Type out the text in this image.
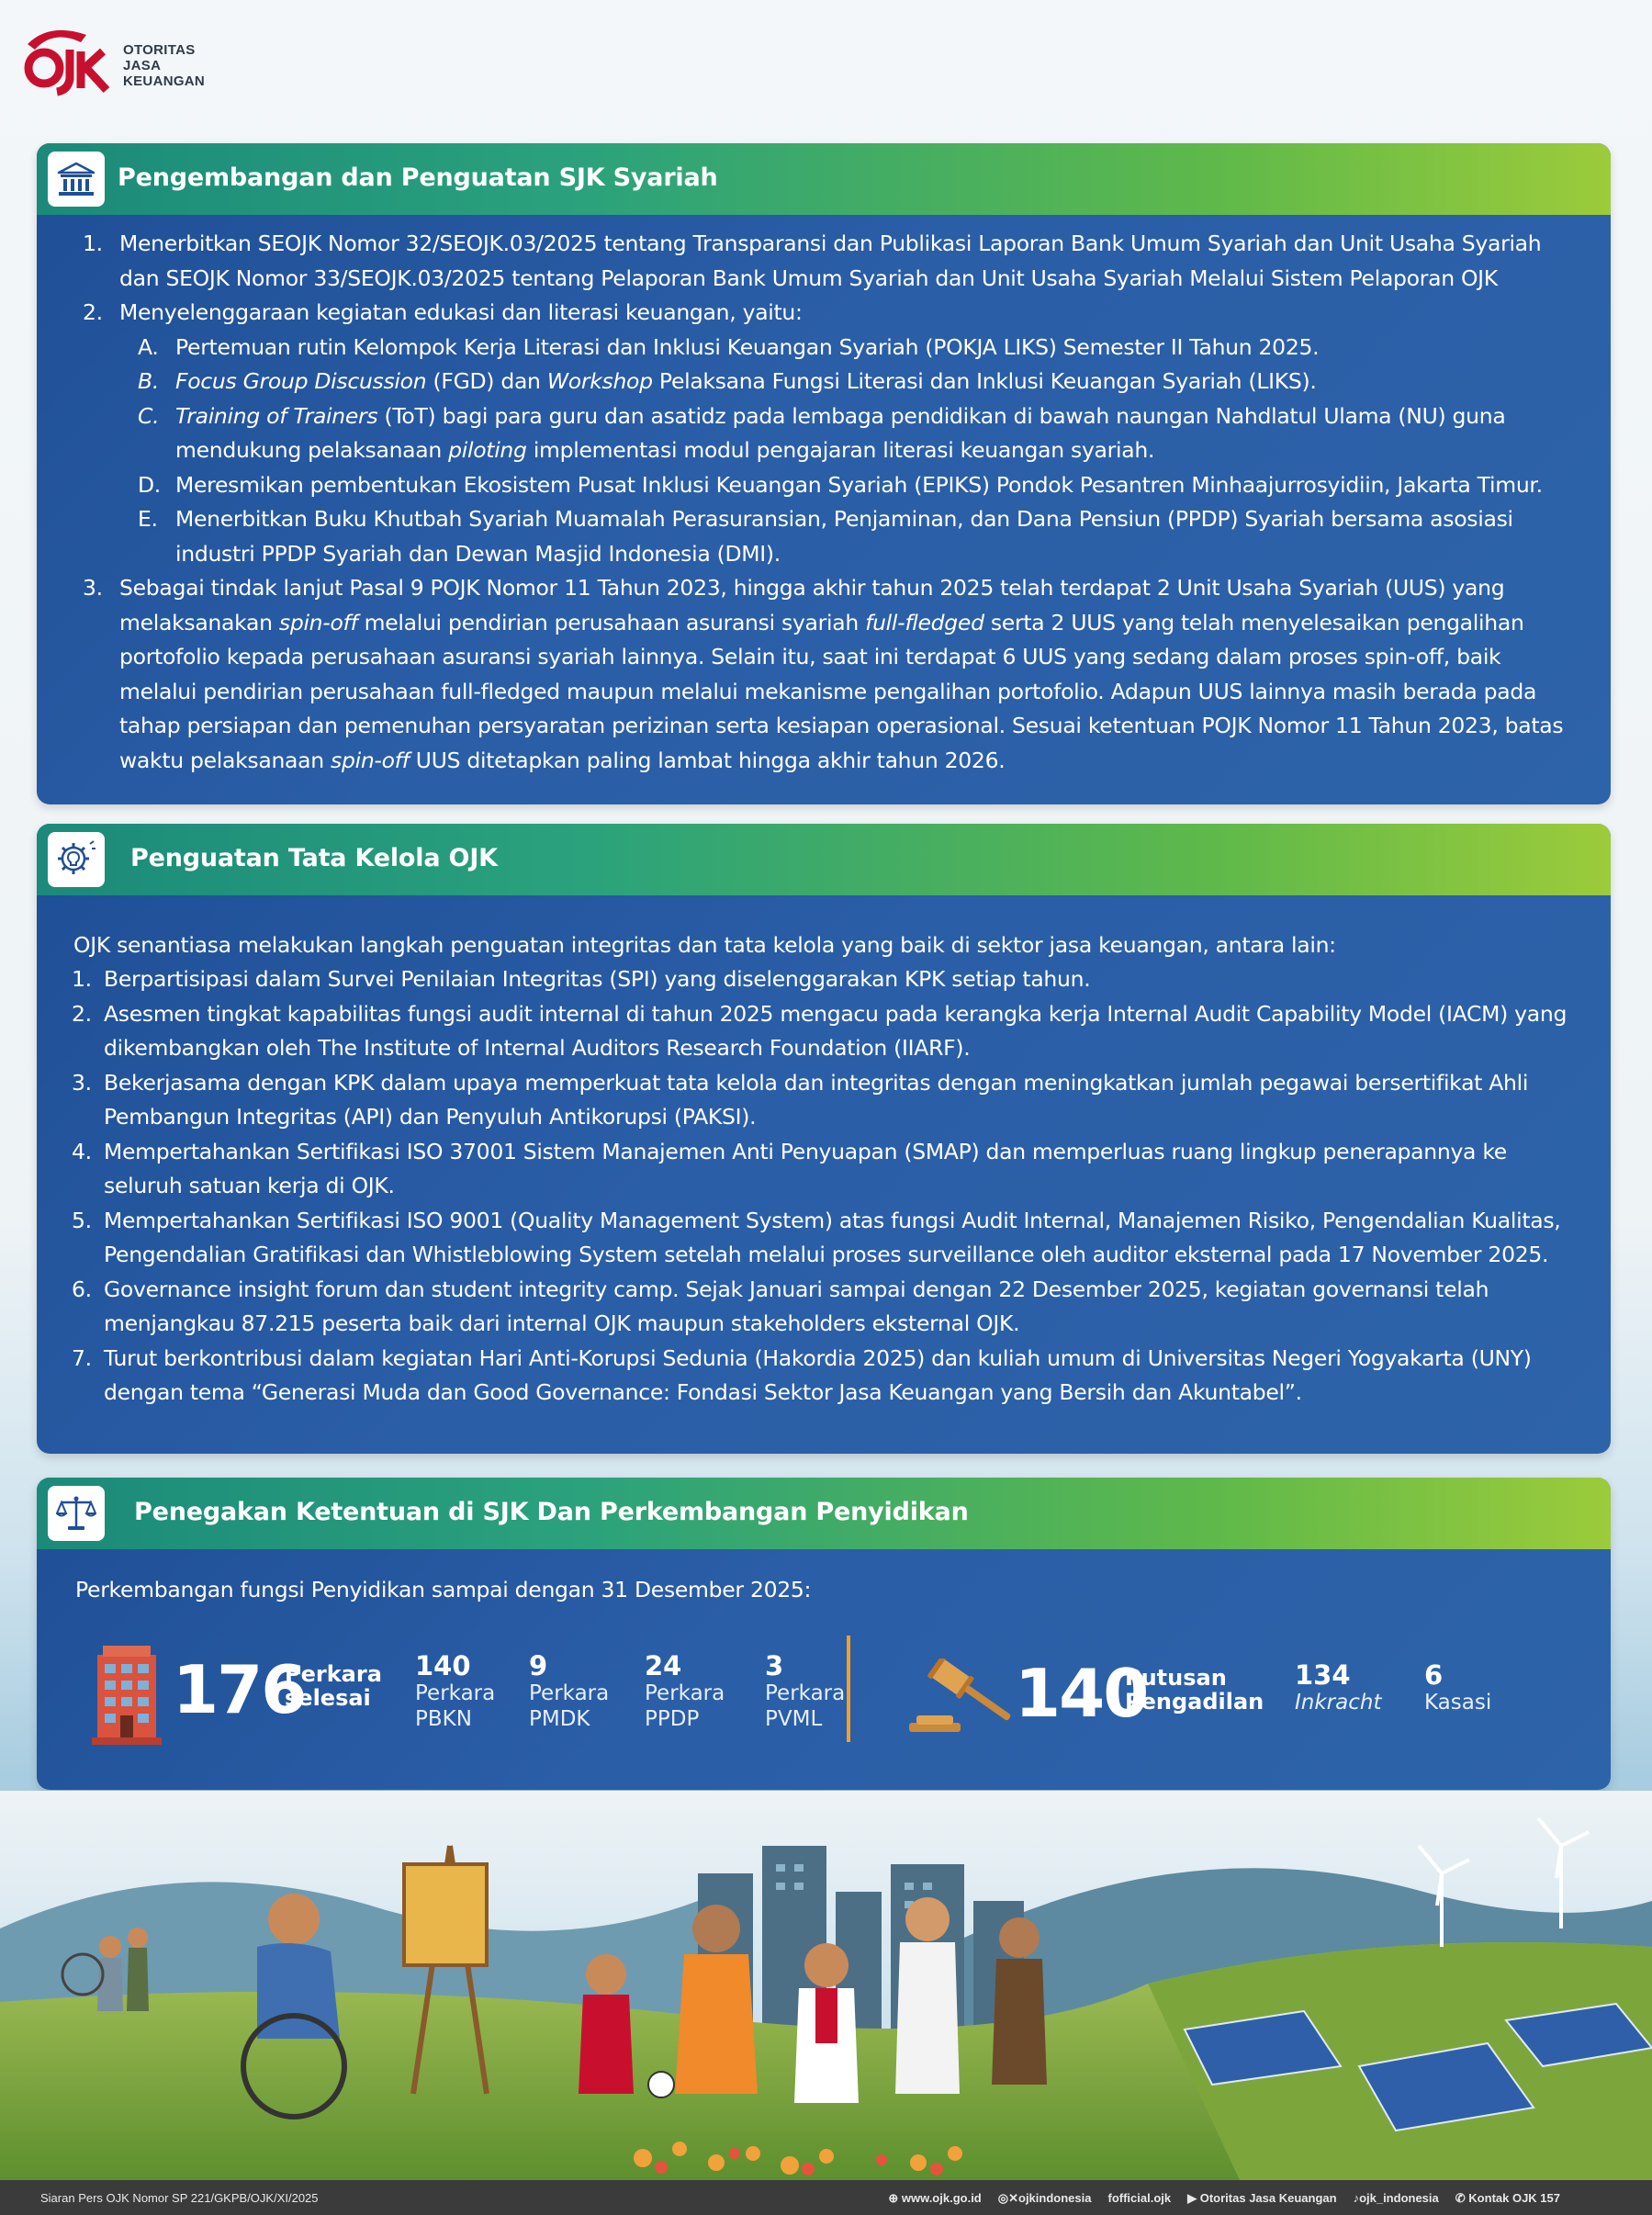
OTORITAS
JASA
KEUANGAN
Pengembangan dan Penguatan SJK Syariah
1. Menerbitkan SEOJK Nomor 32/SEOJK.03/2025 tentang Transparansi dan Publikasi Laporan Bank Umum Syariah dan Unit Usaha Syariah dan SEOJK Nomor 33/SEOJK.03/2025 tentang Pelaporan Bank Umum Syariah dan Unit Usaha Syariah Melalui Sistem Pelaporan OJK
2. Menyelenggaraan kegiatan edukasi dan literasi keuangan, yaitu:
A. Pertemuan rutin Kelompok Kerja Literasi dan Inklusi Keuangan Syariah (POKJA LIKS) Semester II Tahun 2025.
B. Focus Group Discussion (FGD) dan Workshop Pelaksana Fungsi Literasi dan Inklusi Keuangan Syariah (LIKS).
C. Training of Trainers (ToT) bagi para guru dan asatidz pada lembaga pendidikan di bawah naungan Nahdlatul Ulama (NU) guna mendukung pelaksanaan piloting implementasi modul pengajaran literasi keuangan syariah.
D. Meresmikan pembentukan Ekosistem Pusat Inklusi Keuangan Syariah (EPIKS) Pondok Pesantren Minhaajurrosyidiin, Jakarta Timur.
E. Menerbitkan Buku Khutbah Syariah Muamalah Perasuransian, Penjaminan, dan Dana Pensiun (PPDP) Syariah bersama asosiasi industri PPDP Syariah dan Dewan Masjid Indonesia (DMI).
3. Sebagai tindak lanjut Pasal 9 POJK Nomor 11 Tahun 2023, hingga akhir tahun 2025 telah terdapat 2 Unit Usaha Syariah (UUS) yang melaksanakan spin-off melalui pendirian perusahaan asuransi syariah full-fledged serta 2 UUS yang telah menyelesaikan pengalihan portofolio kepada perusahaan asuransi syariah lainnya. Selain itu, saat ini terdapat 6 UUS yang sedang dalam proses spin-off, baik melalui pendirian perusahaan full-fledged maupun melalui mekanisme pengalihan portofolio. Adapun UUS lainnya masih berada pada tahap persiapan dan pemenuhan persyaratan perizinan serta kesiapan operasional. Sesuai ketentuan POJK Nomor 11 Tahun 2023, batas waktu pelaksanaan spin-off UUS ditetapkan paling lambat hingga akhir tahun 2026.
Penguatan Tata Kelola OJK
OJK senantiasa melakukan langkah penguatan integritas dan tata kelola yang baik di sektor jasa keuangan, antara lain:
1. Berpartisipasi dalam Survei Penilaian Integritas (SPI) yang diselenggarakan KPK setiap tahun.
2. Asesmen tingkat kapabilitas fungsi audit internal di tahun 2025 mengacu pada kerangka kerja Internal Audit Capability Model (IACM) yang dikembangkan oleh The Institute of Internal Auditors Research Foundation (IIARF).
3. Bekerjasama dengan KPK dalam upaya memperkuat tata kelola dan integritas dengan meningkatkan jumlah pegawai bersertifikat Ahli Pembangun Integritas (API) dan Penyuluh Antikorupsi (PAKSI).
4. Mempertahankan Sertifikasi ISO 37001 Sistem Manajemen Anti Penyuapan (SMAP) dan memperluas ruang lingkup penerapannya ke seluruh satuan kerja di OJK.
5. Mempertahankan Sertifikasi ISO 9001 (Quality Management System) atas fungsi Audit Internal, Manajemen Risiko, Pengendalian Kualitas, Pengendalian Gratifikasi dan Whistleblowing System setelah melalui proses surveillance oleh auditor eksternal pada 17 November 2025.
6. Governance insight forum dan student integrity camp. Sejak Januari sampai dengan 22 Desember 2025, kegiatan governansi telah menjangkau 87.215 peserta baik dari internal OJK maupun stakeholders eksternal OJK.
7. Turut berkontribusi dalam kegiatan Hari Anti-Korupsi Sedunia (Hakordia 2025) dan kuliah umum di Universitas Negeri Yogyakarta (UNY) dengan tema “Generasi Muda dan Good Governance: Fondasi Sektor Jasa Keuangan yang Bersih dan Akuntabel”.
Penegakan Ketentuan di SJK Dan Perkembangan Penyidikan
Perkembangan fungsi Penyidikan sampai dengan 31 Desember 2025:
176
Perkara
selesai
140
Perkara
PBKN
9
Perkara
PMDK
24
Perkara
PPDP
3
Perkara
PVML	140
Putusan
Pengadilan
134
Inkracht
6
Kasasi
Siaran Pers OJK Nomor SP 221/GKPB/OJK/XI/2025	⊕ www.ojk.go.id ◎✕ojkindonesia fofficial.ojk ▶ Otoritas Jasa Keuangan ♪ojk_indonesia ✆ Kontak OJK 157
